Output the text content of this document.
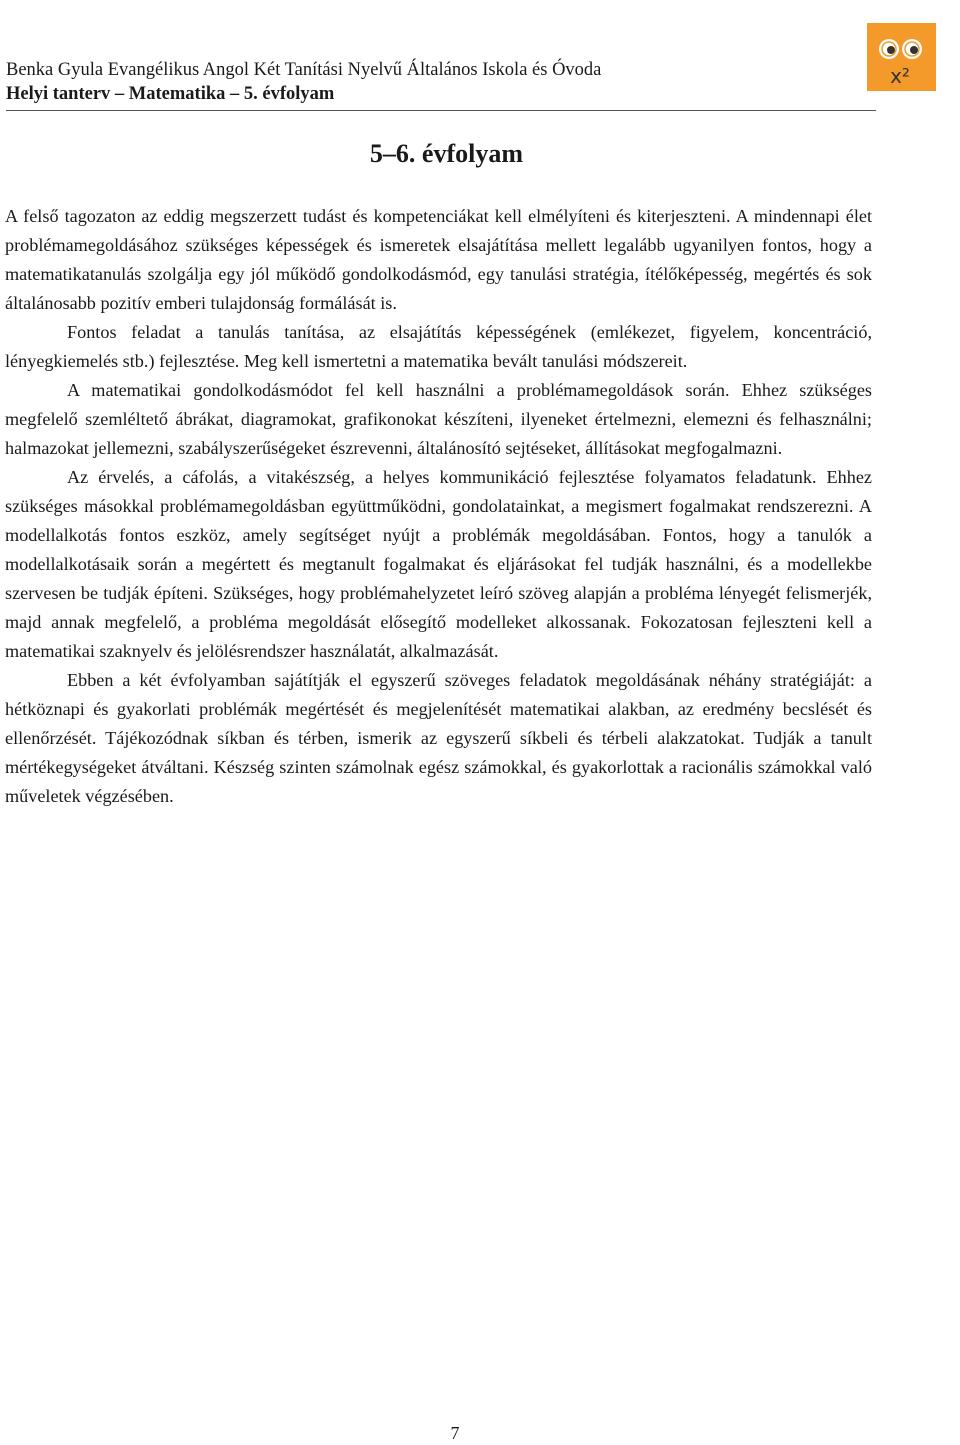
Benka Gyula Evangélikus Angol Két Tanítási Nyelvű Általános Iskola és Óvoda
Helyi tanterv – Matematika – 5. évfolyam
x²
5–6. évfolyam

A felső tagozaton az eddig megszerzett tudást és kompetenciákat kell elmélyíteni és kiterjeszteni. A mindennapi élet problémamegoldásához szükséges képességek és ismeretek elsajátítása mellett legalább ugyanilyen fontos, hogy a matematikatanulás szolgálja egy jól működő gondolkodásmód, egy tanulási stratégia, ítélőképesség, megértés és sok általánosabb pozitív emberi tulajdonság formálását is.

Fontos feladat a tanulás tanítása, az elsajátítás képességének (emlékezet, figyelem, koncentráció, lényegkiemelés stb.) fejlesztése. Meg kell ismertetni a matematika bevált tanulási módszereit.

A matematikai gondolkodásmódot fel kell használni a problémamegoldások során. Ehhez szükséges megfelelő szemléltető ábrákat, diagramokat, grafikonokat készíteni, ilyeneket értelmezni, elemezni és felhasználni; halmazokat jellemezni, szabályszerűségeket észrevenni, általánosító sejtéseket, állításokat megfogalmazni.

Az érvelés, a cáfolás, a vitakészség, a helyes kommunikáció fejlesztése folyamatos feladatunk. Ehhez szükséges másokkal problémamegoldásban együttműködni, gondolatainkat, a megismert fogalmakat rendszerezni. A modellalkotás fontos eszköz, amely segítséget nyújt a problémák megoldásában. Fontos, hogy a tanulók a modellalkotásaik során a megértett és megtanult fogalmakat és eljárásokat fel tudják használni, és a modellekbe szervesen be tudják építeni. Szükséges, hogy problémahelyzetet leíró szöveg alapján a probléma lényegét felismerjék, majd annak megfelelő, a probléma megoldását elősegítő modelleket alkossanak. Fokozatosan fejleszteni kell a matematikai szaknyelv és jelölésrendszer használatát, alkalmazását.

Ebben a két évfolyamban sajátítják el egyszerű szöveges feladatok megoldásának néhány stratégiáját: a hétköznapi és gyakorlati problémák megértését és megjelenítését matematikai alakban, az eredmény becslését és ellenőrzését. Tájékozódnak síkban és térben, ismerik az egyszerű síkbeli és térbeli alakzatokat. Tudják a tanult mértékegységeket átváltani. Készség szinten számolnak egész számokkal, és gyakorlottak a racionális számokkal való műveletek végzésében.

7
